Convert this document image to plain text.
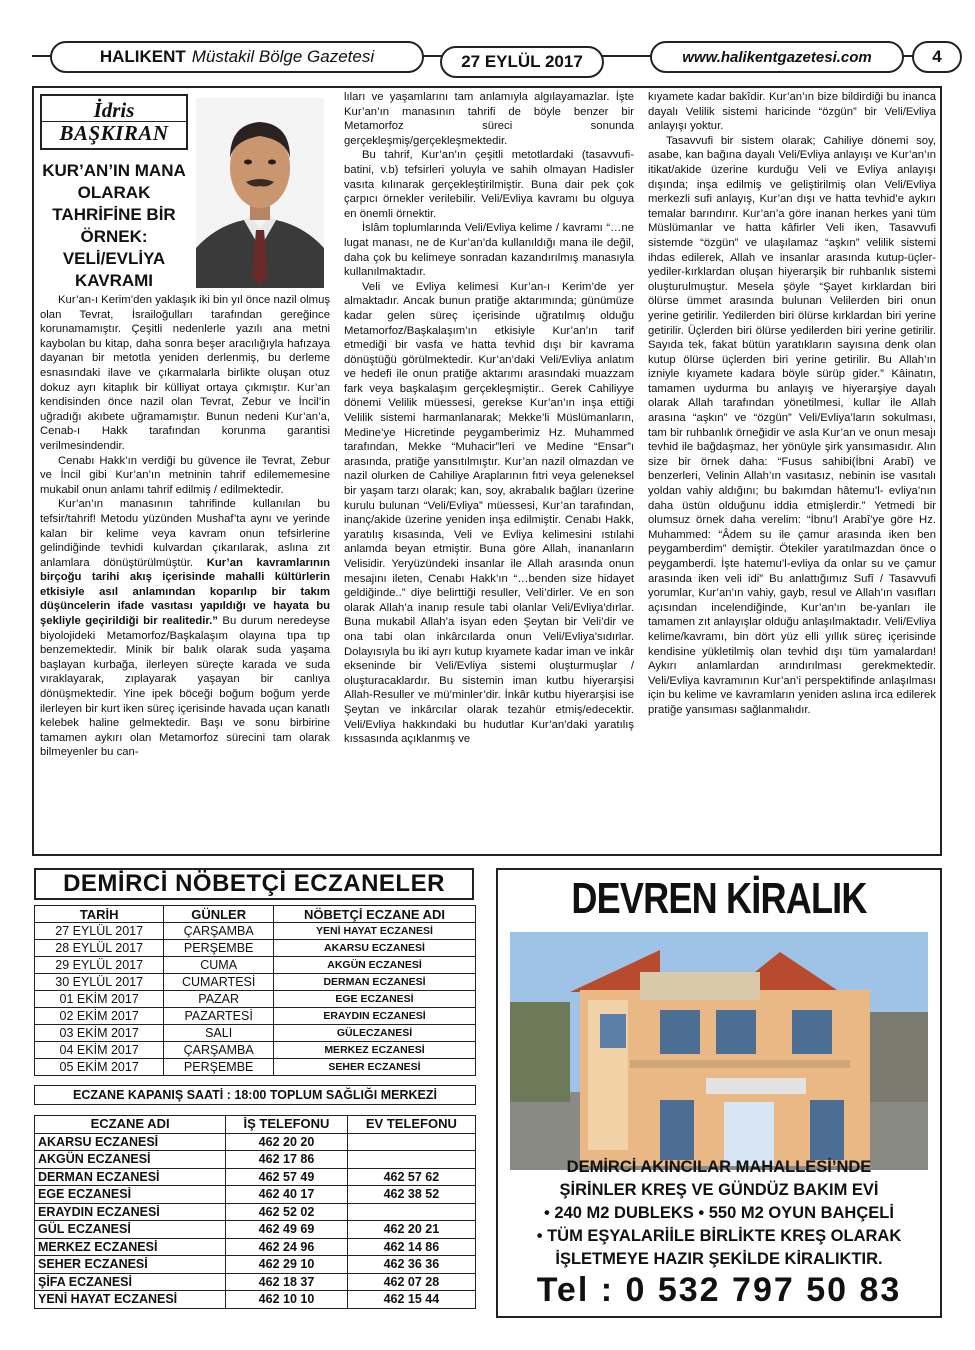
HALIKENT Müstakil Bölge Gazetesi	27 EYLÜL 2017	www.halikentgazetesi.com	4
İdris
BAŞKIRAN
KUR’AN’IN MANA OLARAK TAHRİFİNE BİR ÖRNEK: VELİ/EVLİYA KAVRAMI

Kur’an-ı Kerim’den yaklaşık iki bin yıl önce nazil olmuş olan Tevrat, İsrailoğulları tarafından gereğince korunamamıştır. Çeşitli nedenlerle yazılı ana metni kaybolan bu kitap, daha sonra beşer aracılığıyla hafızaya dayanan bir metotla yeniden derlenmiş, bu derleme esnasındaki ilave ve çıkarmalarla birlikte oluşan otuz dokuz ayrı kitaplık bir külliyat ortaya çıkmıştır. Kur’an kendisinden önce nazil olan Tevrat, Zebur ve İncil’in uğradığı akıbete uğramamıştır. Bunun nedeni Kur’an’a, Cenab-ı Hakk tarafından korunma garantisi verilmesindendir.

Cenabı Hakk’ın verdiği bu güvence ile Tevrat, Zebur ve İncil gibi Kur’an’ın metninin tahrif edilememesine mukabil onun anlamı tahrif edilmiş / edilmektedir.

Kur’an’ın manasının tahrifinde kullanılan bu tefsir/tahrif! Metodu yüzünden Mushaf’ta aynı ve yerinde kalan bir kelime veya kavram onun tefsirlerine gelindiğinde tevhidi kulvardan çıkarılarak, aslına zıt anlamlara dönüştürülmüştür. Kur’an kavramlarının birçoğu tarihi akış içerisinde mahalli kültürlerin etkisiyle asıl anlamından koparılıp bir takım düşüncelerin ifade vasıtası yapıldığı ve hayata bu şekliyle geçirildiği bir realitedir.” Bu durum neredeyse biyolojideki Metamorfoz/Başkalaşım olayına tıpa tıp benzemektedir. Minik bir balık olarak suda yaşama başlayan kurbağa, ilerleyen süreçte karada ve suda vıraklayarak, zıplayarak yaşayan bir canlıya dönüşmektedir. Yine ipek böceği boğum boğum yerde ilerleyen bir kurt iken süreç içerisinde havada uçan kanatlı kelebek haline gelmektedir. Başı ve sonu birbirine tamamen aykırı olan Metamorfoz sürecini tam olarak bilmeyenler bu can-

lıları ve yaşamlarını tam anlamıyla algılayamazlar. İşte Kur’an’ın manasının tahrifi de böyle benzer bir Metamorfoz süreci sonunda gerçekleşmiş/gerçekleşmektedir.

Bu tahrif, Kur’an’ın çeşitli metotlardaki (tasavvufi-batini, v.b) tefsirleri yoluyla ve sahih olmayan Hadisler vasıta kılınarak gerçekleştirilmiştir. Buna dair pek çok çarpıcı örnekler verilebilir. Veli/Evliya kavramı bu olguya en önemli örnektir.

İslâm toplumlarında Veli/Evliya kelime / kavramı “…ne lugat manası, ne de Kur’an’da kullanıldığı mana ile değil, daha çok bu kelimeye sonradan kazandırılmış manasıyla kullanılmaktadır.

Veli ve Evliya kelimesi Kur’an-ı Kerim’de yer almaktadır. Ancak bunun pratiğe aktarımında; günümüze kadar gelen süreç içerisinde uğratılmış olduğu Metamorfoz/Başkalaşım’ın etkisiyle Kur’an’ın tarif etmediği bir vasfa ve hatta tevhid dışı bir kavrama dönüştüğü görülmektedir. Kur’an’daki Veli/Evliya anlatım ve hedefi ile onun pratiğe aktarımı arasındaki muazzam fark veya başkalaşım gerçekleşmiştir.. Gerek Cahiliyye dönemi Velilik müessesi, gerekse Kur’an’ın inşa ettiği Velilik sistemi harmanlanarak; Mekke’li Müslümanların, Medine’ye Hicretinde peygamberimiz Hz. Muhammed tarafından, Mekke “Muhacir”leri ve Medine “Ensar”ı arasında, pratiğe yansıtılmıştır. Kur’an nazil olmazdan ve nazil olurken de Cahiliye Araplarının fıtri veya geleneksel bir yaşam tarzı olarak; kan, soy, akrabalık bağları üzerine kurulu bulunan “Veli/Evliya” müessesi, Kur’an tarafından, inanç/akide üzerine yeniden inşa edilmiştir. Cenabı Hakk, yaratılış kısasında, Veli ve Evliya kelimesini ıstılahi anlamda beyan etmiştir. Buna göre Allah, inananların Velisidir. Yeryüzündeki insanlar ile Allah arasında onun mesajını ileten, Cenabı Hakk’ın “…benden size hidayet geldiğinde..” diye belirttiği resuller, Veli’dirler. Ve en son olarak Allah’a inanıp resule tabi olanlar Veli/Evliya’dırlar. Buna mukabil Allah’a isyan eden Şeytan bir Veli’dir ve ona tabi olan inkârcılarda onun Veli/Evliya’sıdırlar. Dolayısıyla bu iki ayrı kutup kıyamete kadar iman ve inkâr ekseninde bir Veli/Evliya sistemi oluşturmuşlar / oluşturacaklardır. Bu sistemin iman kutbu hiyerarşisi Allah-Resuller ve mü’minler’dir. İnkâr kutbu hiyerarşisi ise Şeytan ve inkârcılar olarak tezahür etmiş/edecektir. Veli/Evliya hakkındaki bu hudutlar Kur’an’daki yaratılış kıssasında açıklanmış ve

kıyamete kadar bakîdir. Kur’an’ın bize bildirdiği bu inanca dayalı Velilik sistemi haricinde “özgün” bir Veli/Evliya anlayışı yoktur.

Tasavvufi bir sistem olarak; Cahiliye dönemi soy, asabe, kan bağına dayalı Veli/Evliya anlayışı ve Kur’an’ın itikat/akide üzerine kurduğu Veli ve Evliya anlayışı dışında; inşa edilmiş ve geliştirilmiş olan Veli/Evliya merkezli sufi anlayış, Kur’an dışı ve hatta tevhid’e aykırı temalar barındırır. Kur’an’a göre inanan herkes yani tüm Müslümanlar ve hatta kâfirler Veli iken, Tasavvufi sistemde “özgün” ve ulaşılamaz “aşkın” velilik sistemi ihdas edilerek, Allah ve insanlar arasında kutup-üçler-yediler-kırklardan oluşan hiyerarşik bir ruhbanlık sistemi oluşturulmuştur. Mesela şöyle “Şayet kırklardan biri ölürse ümmet arasında bulunan Velilerden biri onun yerine getirilir. Yedilerden biri ölürse kırklardan biri yerine getirilir. Üçlerden biri ölürse yedilerden biri yerine getirilir. Sayıda tek, fakat bütün yaratıkların sayısına denk olan kutup ölürse üçlerden biri yerine getirilir. Bu Allah’ın izniyle kıyamete kadara böyle sürüp gider.” Kâinatın, tamamen uydurma bu anlayış ve hiyerarşiye dayalı olarak Allah tarafından yönetilmesi, kullar ile Allah arasına “aşkın” ve “özgün” Veli/Evliya’ların sokulması, tam bir ruhbanlık örneğidir ve asla Kur’an ve onun mesajı tevhid ile bağdaşmaz, her yönüyle şirk yansımasıdır. Alın size bir örnek daha: “Fusus sahibi(İbni Arabî) ve benzerleri, Velinin Allah’ın vasıtasız, nebinin ise vasıtalı yoldan vahiy aldığını; bu bakımdan hâtemu’l- evliya’nın daha üstün olduğunu iddia etmişlerdir.” Yetmedi bir olumsuz örnek daha verelim: “İbnu’l Arabî’ye göre Hz. Muhammed: “Âdem su ile çamur arasında iken ben peygamberdim” demiştir. Ötekiler yaratılmazdan önce o peygamberdi. İşte hatemu’l-evliya da onlar su ve çamur arasında iken veli idi” Bu anlattığımız Sufî / Tasavvufi yorumlar, Kur’an’ın vahiy, gayb, resul ve Allah’ın vasıfları açısından incelendiğinde, Kur’an’ın be-yanları ile tamamen zıt anlayışlar olduğu anlaşılmaktadır. Veli/Evliya kelime/kavramı, bin dört yüz elli yıllık süreç içerisinde kendisine yükletilmiş olan tevhid dışı tüm yamalardan! Aykırı anlamlardan arındırılması gerekmektedir. Veli/Evliya kavramının Kur’an’i perspektifinde anlaşılması için bu kelime ve kavramların yeniden aslına irca edilerek pratiğe yansıması sağlanmalıdır.

DEMİRCİ NÖBETÇİ ECZANELER
TARİH	GÜNLER	NÖBETÇİ ECZANE ADI
27 EYLÜL 2017	ÇARŞAMBA	YENİ HAYAT ECZANESİ
28 EYLÜL 2017	PERŞEMBE	AKARSU ECZANESİ
29 EYLÜL 2017	CUMA	AKGÜN ECZANESİ
30 EYLÜL 2017	CUMARTESİ	DERMAN ECZANESİ
01 EKİM 2017	PAZAR	EGE ECZANESİ
02 EKİM 2017	PAZARTESİ	ERAYDIN ECZANESİ
03 EKİM 2017	SALI	GÜLECZANESİ
04 EKİM 2017	ÇARŞAMBA	MERKEZ ECZANESİ
05 EKİM 2017	PERŞEMBE	SEHER ECZANESİ
ECZANE KAPANIŞ SAATİ : 18:00 TOPLUM SAĞLIĞI MERKEZİ
ECZANE ADI	İŞ TELEFONU	EV TELEFONU
AKARSU ECZANESİ	462 20 20	
AKGÜN ECZANESİ	462 17 86	
DERMAN ECZANESİ	462 57 49	462 57 62
EGE ECZANESİ	462 40 17	462 38 52
ERAYDIN ECZANESİ	462 52 02	
GÜL ECZANESİ	462 49 69	462 20 21
MERKEZ ECZANESİ	462 24 96	462 14 86
SEHER ECZANESİ	462 29 10	462 36 36
ŞİFA ECZANESİ	462 18 37	462 07 28
YENİ HAYAT ECZANESİ	462 10 10	462 15 44
DEVREN KİRALIK
DEMİRCİ AKINCILAR MAHALLESİ’NDE
ŞİRİNLER KREŞ VE GÜNDÜZ BAKIM EVİ
• 240 M2 DUBLEKS • 550 M2 OYUN BAHÇELİ
• TÜM EŞYALARİİLE BİRLİKTE KREŞ OLARAK
İŞLETMEYE HAZIR ŞEKİLDE KİRALIKTIR.
Tel : 0 532 797 50 83
